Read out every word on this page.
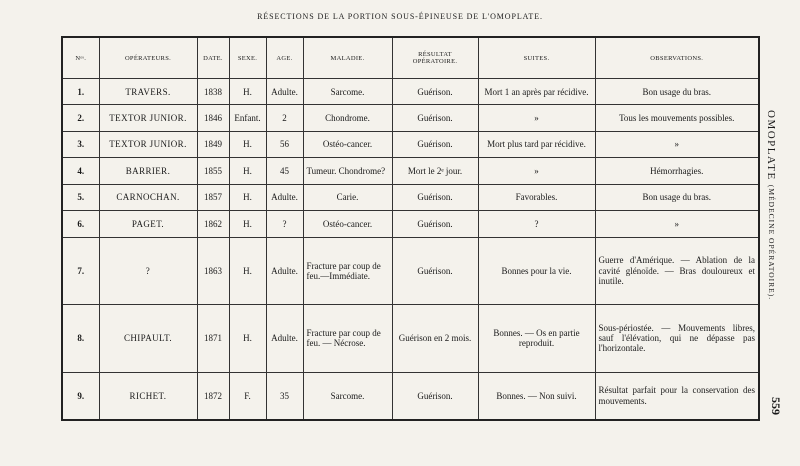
RÉSECTIONS DE LA PORTION SOUS-ÉPINEUSE DE L'OMOPLATE.
Nᵒˢ.	OPÉRATEURS.	DATE.	SEXE.	AGE.	MALADIE.	RÉSULTAT OPÉRATOIRE.	SUITES.	OBSERVATIONS.
1.	TRAVERS.	1838	H.	Adulte.	Sarcome.	Guérison.	Mort 1 an après par récidive.	Bon usage du bras.
2.	TEXTOR JUNIOR.	1846	Enfant.	2	Chondrome.	Guérison.	»	Tous les mouvements possibles.
3.	TEXTOR JUNIOR.	1849	H.	56	Ostéo-cancer.	Guérison.	Mort plus tard par récidive.	»
4.	BARRIER.	1855	H.	45	Tumeur. Chondrome?	Mort le 2ᵉ jour.	»	Hémorrhagies.
5.	CARNOCHAN.	1857	H.	Adulte.	Carie.	Guérison.	Favorables.	Bon usage du bras.
6.	PAGET.	1862	H.	?	Ostéo-cancer.	Guérison.	?	»
7.	?	1863	H.	Adulte.	Fracture par coup de feu.—Immédiate.	Guérison.	Bonnes pour la vie.	Guerre d'Amérique. — Ablation de la cavité glénoïde. — Bras douloureux et inutile.
8.	CHIPAULT.	1871	H.	Adulte.	Fracture par coup de feu. — Nécrose.	Guérison en 2 mois.	Bonnes. — Os en partie reproduit.	Sous-périostée. — Mouvements libres, sauf l'élévation, qui ne dépasse pas l'horizontale.
9.	RICHET.	1872	F.	35	Sarcome.	Guérison.	Bonnes. — Non suivi.	Résultat parfait pour la conservation des mouvements.
OMOPLATE (MÉDECINE OPÉRATOIRE).
559
